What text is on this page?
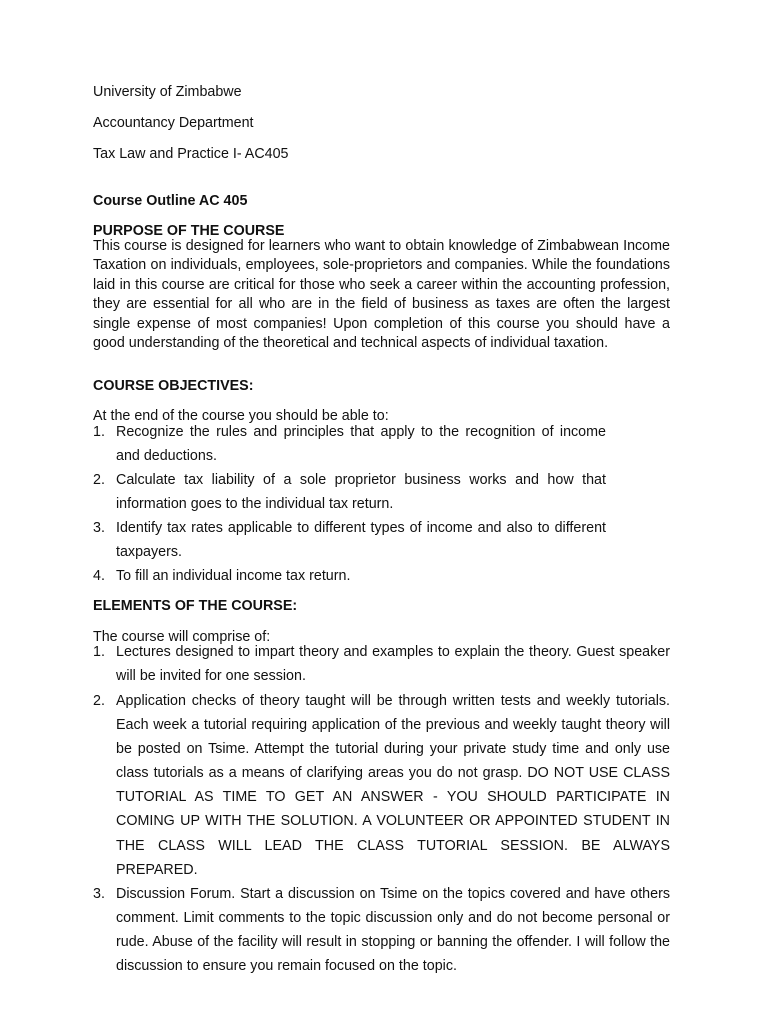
University of Zimbabwe
Accountancy Department
Tax Law and Practice I- AC405
Course Outline AC 405
PURPOSE OF THE COURSE
This course is designed for learners who want to obtain knowledge of Zimbabwean Income Taxation on individuals, employees, sole-proprietors and companies. While the foundations laid in this course are critical for those who seek a career within the accounting profession, they are essential for all who are in the field of business as taxes are often the largest single expense of most companies! Upon completion of this course you should have a good understanding of the theoretical and technical aspects of individual taxation.
COURSE OBJECTIVES:
At the end of the course you should be able to:
1. Recognize the rules and principles that apply to the recognition of income and deductions.
2. Calculate tax liability of a sole proprietor business works and how that information goes to the individual tax return.
3. Identify tax rates applicable to different types of income and also to different taxpayers.
4. To fill an individual income tax return.
ELEMENTS OF THE COURSE:
The course will comprise of:
1. Lectures designed to impart theory and examples to explain the theory. Guest speaker will be invited for one session.
2. Application checks of theory taught will be through written tests and weekly tutorials. Each week a tutorial requiring application of the previous and weekly taught theory will be posted on Tsime. Attempt the tutorial during your private study time and only use class tutorials as a means of clarifying areas you do not grasp. DO NOT USE CLASS TUTORIAL AS TIME TO GET AN ANSWER - YOU SHOULD PARTICIPATE IN COMING UP WITH THE SOLUTION. A VOLUNTEER OR APPOINTED STUDENT IN THE CLASS WILL LEAD THE CLASS TUTORIAL SESSION. BE ALWAYS PREPARED.
3. Discussion Forum. Start a discussion on Tsime on the topics covered and have others comment. Limit comments to the topic discussion only and do not become personal or rude. Abuse of the facility will result in stopping or banning the offender. I will follow the discussion to ensure you remain focused on the topic.
